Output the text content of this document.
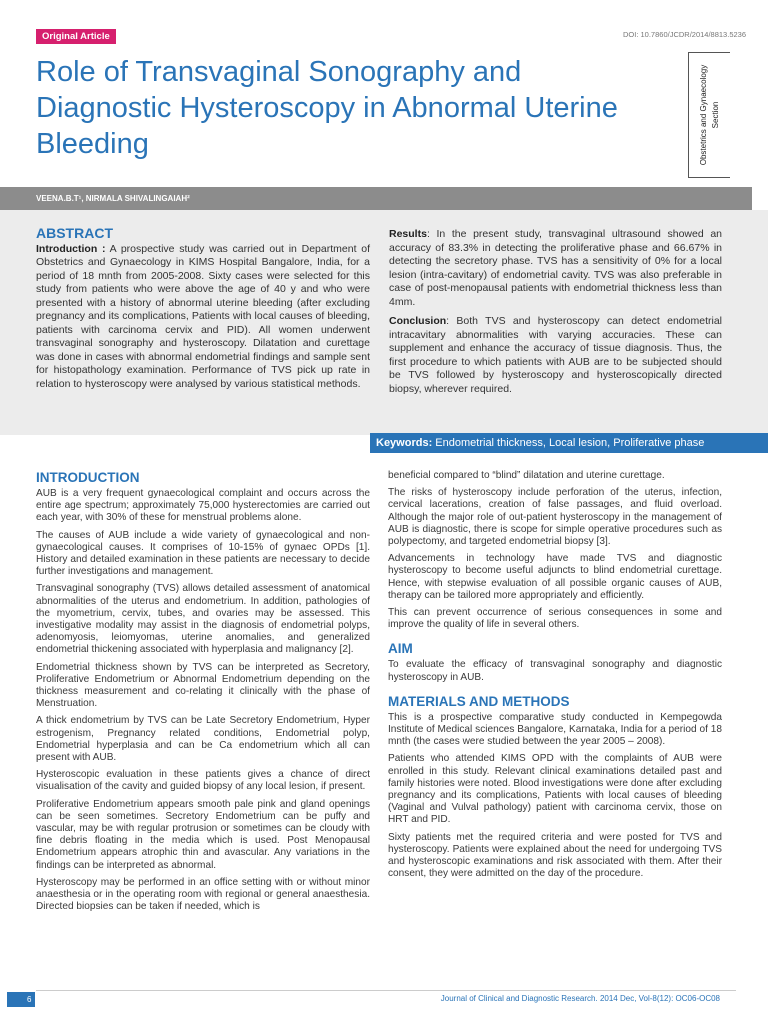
Original Article	DOI: 10.7860/JCDR/2014/8813.5236
Role of Transvaginal Sonography and Diagnostic Hysteroscopy in Abnormal Uterine Bleeding	Obstetrics and Gynaecology Section
VEENA.B.T¹, NIRMALA SHIVALINGAIAH²
ABSTRACT

Introduction : A prospective study was carried out in Department of Obstetrics and Gynaecology in KIMS Hospital Bangalore, India, for a period of 18 mnth from 2005-2008. Sixty cases were selected for this study from patients who were above the age of 40 y and who were presented with a history of abnormal uterine bleeding (after excluding pregnancy and its complications, Patients with local causes of bleeding, patients with carcinoma cervix and PID). All women underwent transvaginal sonography and hysteroscopy. Dilatation and curettage was done in cases with abnormal endometrial findings and sample sent for histopathology examination. Performance of TVS pick up rate in relation to hysteroscopy were analysed by various statistical methods.

Results: In the present study, transvaginal ultrasound showed an accuracy of 83.3% in detecting the proliferative phase and 66.67% in detecting the secretory phase. TVS has a sensitivity of 0% for a local lesion (intra-cavitary) of endometrial cavity. TVS was also preferable in case of post-menopausal patients with endometrial thickness less than 4mm.

Conclusion: Both TVS and hysteroscopy can detect endometrial intracavitary abnormalities with varying accuracies. These can supplement and enhance the accuracy of tissue diagnosis. Thus, the first procedure to which patients with AUB are to be subjected should be TVS followed by hysteroscopy and hysteroscopically directed biopsy, wherever required.

Keywords: Endometrial thickness, Local lesion, Proliferative phase
INTRODUCTION

AUB is a very frequent gynaecological complaint and occurs across the entire age spectrum; approximately 75,000 hysterectomies are carried out each year, with 30% of these for menstrual problems alone.

The causes of AUB include a wide variety of gynaecological and non-gynaecological causes. It comprises of 10-15% of gynaec OPDs [1]. History and detailed examination in these patients are necessary to decide further investigations and management.

Transvaginal sonography (TVS) allows detailed assessment of anatomical abnormalities of the uterus and endometrium. In addition, pathologies of the myometrium, cervix, tubes, and ovaries may be assessed. This investigative modality may assist in the diagnosis of endometrial polyps, adenomyosis, leiomyomas, uterine anomalies, and generalized endometrial thickening associated with hyperplasia and malignancy [2].

Endometrial thickness shown by TVS can be interpreted as Secretory, Proliferative Endometrium or Abnormal Endometrium depending on the thickness measurement and co-relating it clinically with the phase of Menstruation.

A thick endometrium by TVS can be Late Secretory Endometrium, Hyper estrogenism, Pregnancy related conditions, Endometrial polyp, Endometrial hyperplasia and can be Ca endometrium which all can present with AUB.

Hysteroscopic evaluation in these patients gives a chance of direct visualisation of the cavity and guided biopsy of any local lesion, if present.

Proliferative Endometrium appears smooth pale pink and gland openings can be seen sometimes. Secretory Endometrium can be puffy and vascular, may be with regular protrusion or sometimes can be cloudy with fine debris floating in the media which is used. Post Menopausal Endometrium appears atrophic thin and avascular. Any variations in the findings can be interpreted as abnormal.

Hysteroscopy may be performed in an office setting with or without minor anaesthesia or in the operating room with regional or general anaesthesia. Directed biopsies can be taken if needed, which is

beneficial compared to “blind” dilatation and uterine curettage.

The risks of hysteroscopy include perforation of the uterus, infection, cervical lacerations, creation of false passages, and fluid overload. Although the major role of out-patient hysteroscopy in the management of AUB is diagnostic, there is scope for simple operative procedures such as polypectomy, and targeted endometrial biopsy [3].

Advancements in technology have made TVS and diagnostic hysteroscopy to become useful adjuncts to blind endometrial curettage. Hence, with stepwise evaluation of all possible organic causes of AUB, therapy can be tailored more appropriately and efficiently.

This can prevent occurrence of serious consequences in some and improve the quality of life in several others.

AIM

To evaluate the efficacy of transvaginal sonography and diagnostic hysteroscopy in AUB.

MATERIALS AND METHODS

This is a prospective comparative study conducted in Kempegowda Institute of Medical sciences Bangalore, Karnataka, India for a period of 18 mnth (the cases were studied between the year 2005 – 2008).

Patients who attended KIMS OPD with the complaints of AUB were enrolled in this study. Relevant clinical examinations detailed past and family histories were noted. Blood investigations were done after excluding pregnancy and its complications, Patients with local causes of bleeding (Vaginal and Vulval pathology) patient with carcinoma cervix, those on HRT and PID.

Sixty patients met the required criteria and were posted for TVS and hysteroscopy. Patients were explained about the need for undergoing TVS and hysteroscopic examinations and risk associated with them. After their consent, they were admitted on the day of the procedure.

6	Journal of Clinical and Diagnostic Research. 2014 Dec, Vol-8(12): OC06-OC08
